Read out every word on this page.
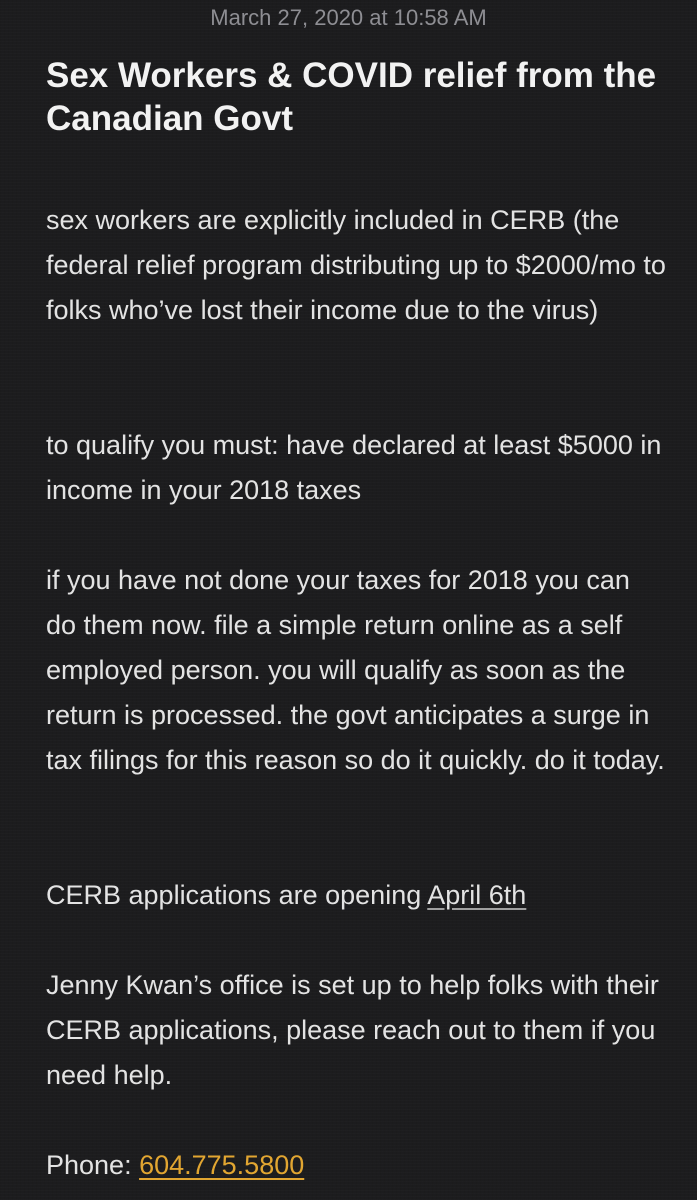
March 27, 2020 at 10:58 AM
Sex Workers & COVID relief from the Canadian Govt

sex workers are explicitly included in CERB (the federal relief program distributing up to $2000/mo to folks who’ve lost their income due to the virus)

to qualify you must: have declared at least $5000 in income in your 2018 taxes

if you have not done your taxes for 2018 you can do them now. file a simple return online as a self employed person. you will qualify as soon as the return is processed. the govt anticipates a surge in tax filings for this reason so do it quickly. do it today.

CERB applications are opening April 6th

Jenny Kwan’s office is set up to help folks with their CERB applications, please reach out to them if you need help.

Phone: 604.775.5800
